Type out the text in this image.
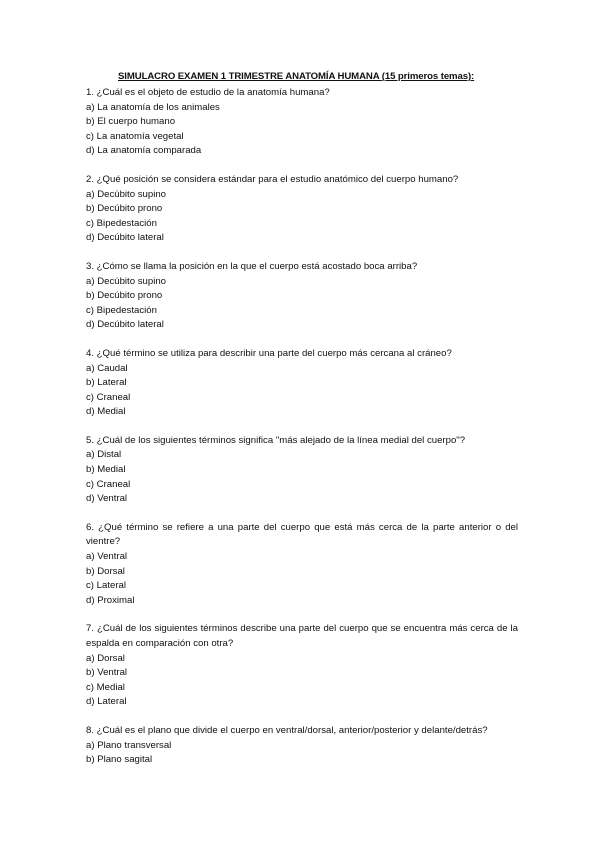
SIMULACRO EXAMEN 1 TRIMESTRE ANATOMÍA HUMANA (15 primeros temas):
1. ¿Cuál es el objeto de estudio de la anatomía humana?
a) La anatomía de los animales
b) El cuerpo humano
c) La anatomía vegetal
d) La anatomía comparada
2. ¿Qué posición se considera estándar para el estudio anatómico del cuerpo humano?
a) Decúbito supino
b) Decúbito prono
c) Bipedestación
d) Decúbito lateral
3. ¿Cómo se llama la posición en la que el cuerpo está acostado boca arriba?
a) Decúbito supino
b) Decúbito prono
c) Bipedestación
d) Decúbito lateral
4. ¿Qué término se utiliza para describir una parte del cuerpo más cercana al cráneo?
a) Caudal
b) Lateral
c) Craneal
d) Medial
5. ¿Cuál de los siguientes términos significa "más alejado de la línea medial del cuerpo"?
a) Distal
b) Medial
c) Craneal
d) Ventral
6. ¿Qué término se refiere a una parte del cuerpo que está más cerca de la parte anterior o del vientre?
a) Ventral
b) Dorsal
c) Lateral
d) Proximal
7. ¿Cuál de los siguientes términos describe una parte del cuerpo que se encuentra más cerca de la espalda en comparación con otra?
a) Dorsal
b) Ventral
c) Medial
d) Lateral
8. ¿Cuál es el plano que divide el cuerpo en ventral/dorsal, anterior/posterior y delante/detrás?
a) Plano transversal
b) Plano sagital
